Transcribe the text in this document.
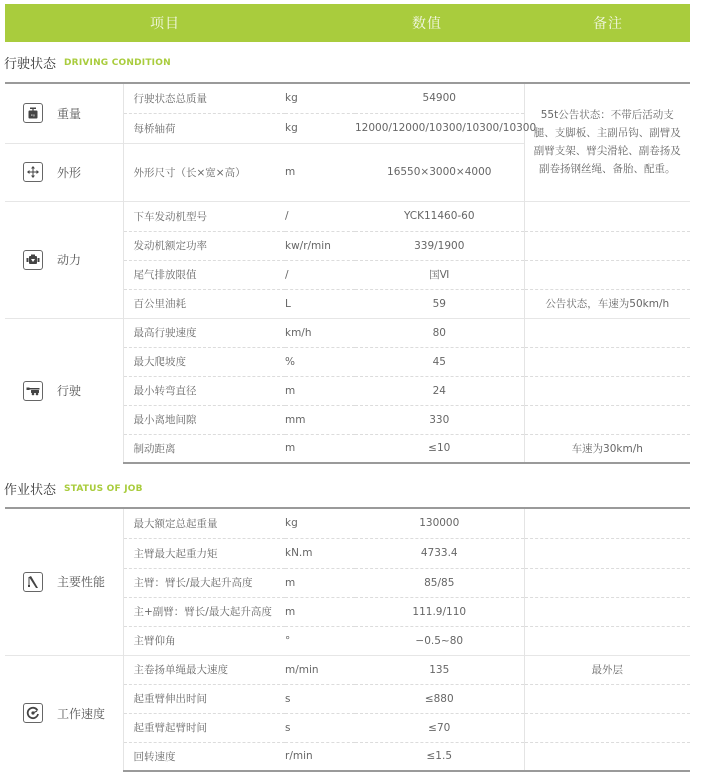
项目	数值	备注
行驶状态 DRIVING CONDITION
kg 重量	行驶状态总质量	kg	54900	55t公告状态：不带后活动支腿、支脚板、主副吊钩、副臂及副臂支架、臂尖滑轮、副卷扬及副卷扬钢丝绳、备胎、配重。
	每桥轴荷	kg	12000/12000/10300/10300/10300	

外形	外形尺寸（长×宽×高）	m	16550×3000×4000	

动力	下车发动机型号	/	YCK11460-60	
	发动机额定功率	kw/r/min	339/1900	
	尾气排放限值	/	国Ⅵ	
	百公里油耗	L	59	公告状态，车速为50km/h

行驶	最高行驶速度	km/h	80	
	最大爬坡度	%	45	
	最小转弯直径	m	24	
	最小离地间隙	mm	330	
	制动距离	m	≤10	车速为30km/h
作业状态 STATUS OF JOB
主要性能	最大额定总起重量	kg	130000	
	主臂最大起重力矩	kN.m	4733.4	
	主臂：臂长/最大起升高度	m	85/85	
	主+副臂：臂长/最大起升高度	m	111.9/110	
	主臂仰角	°	−0.5~80	

工作速度	主卷扬单绳最大速度	m/min	135	最外层
	起重臂伸出时间	s	≤880	
	起重臂起臂时间	s	≤70	
	回转速度	r/min	≤1.5	
